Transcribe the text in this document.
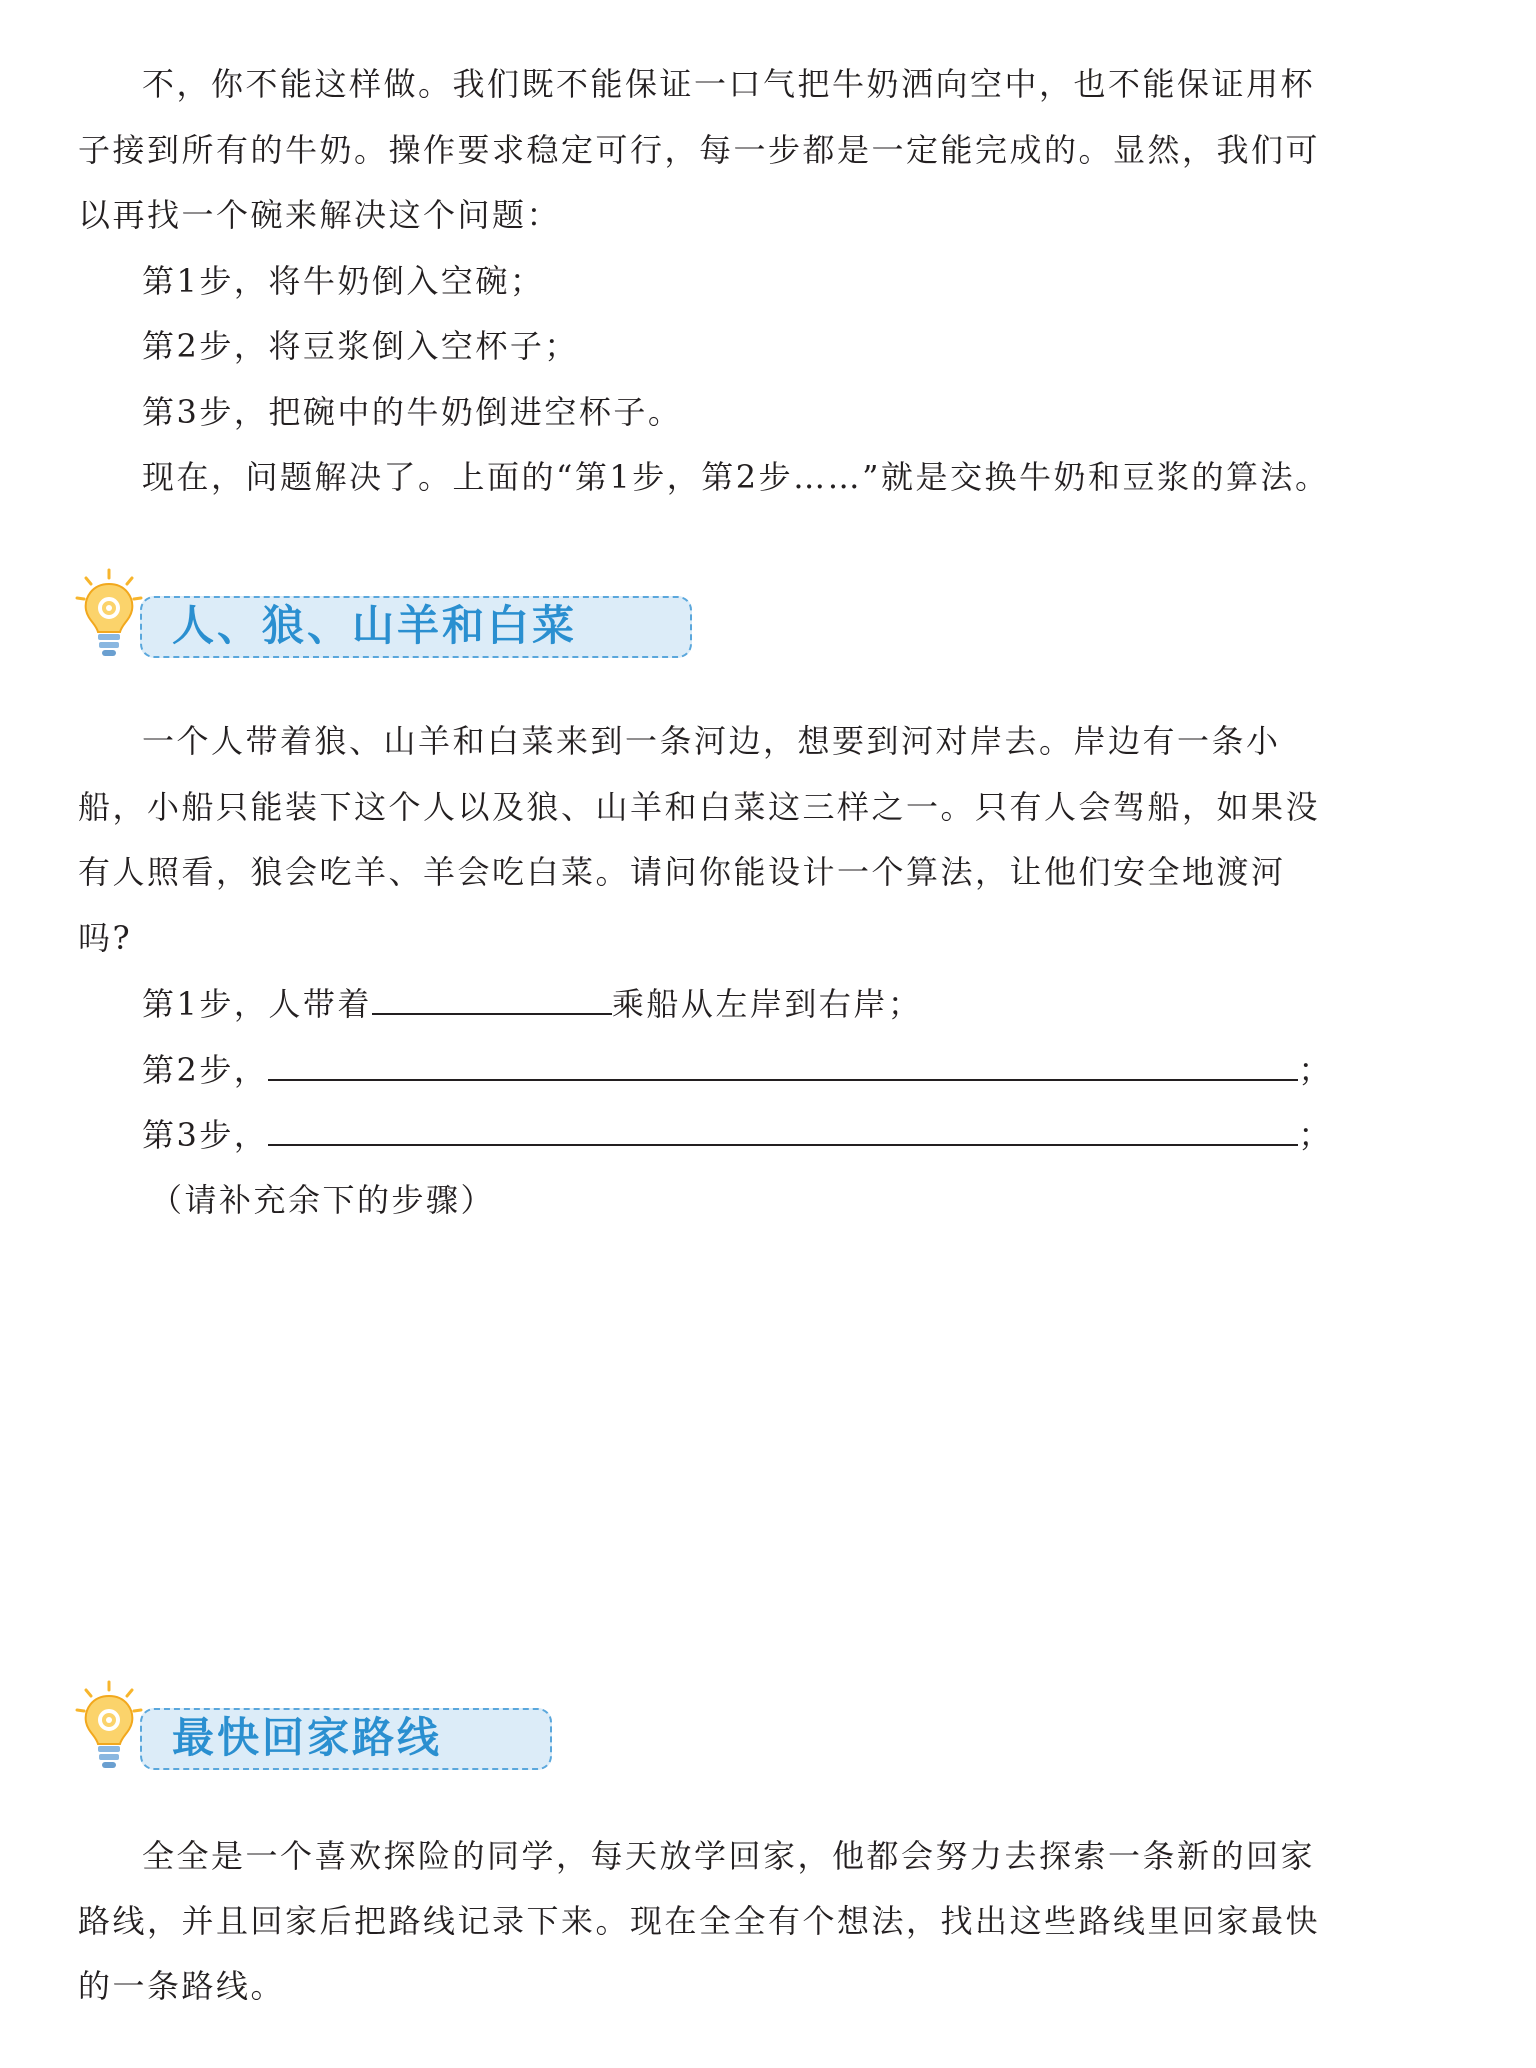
不，你不能这样做。我们既不能保证一口气把牛奶洒向空中，也不能保证用杯
子接到所有的牛奶。操作要求稳定可行，每一步都是一定能完成的。显然，我们可
以再找一个碗来解决这个问题：
第1步，将牛奶倒入空碗；
第2步，将豆浆倒入空杯子；
第3步，把碗中的牛奶倒进空杯子。
现在，问题解决了。上面的“第1步，第2步……”就是交换牛奶和豆浆的算法。
人、狼、山羊和白菜
一个人带着狼、山羊和白菜来到一条河边，想要到河对岸去。岸边有一条小
船，小船只能装下这个人以及狼、山羊和白菜这三样之一。只有人会驾船，如果没
有人照看，狼会吃羊、羊会吃白菜。请问你能设计一个算法，让他们安全地渡河
吗?
第1步，人带着	乘船从左岸到右岸；
第2步，	；
第3步，	；
（请补充余下的步骤）
最快回家路线
全全是一个喜欢探险的同学，每天放学回家，他都会努力去探索一条新的回家
路线，并且回家后把路线记录下来。现在全全有个想法，找出这些路线里回家最快
的一条路线。
